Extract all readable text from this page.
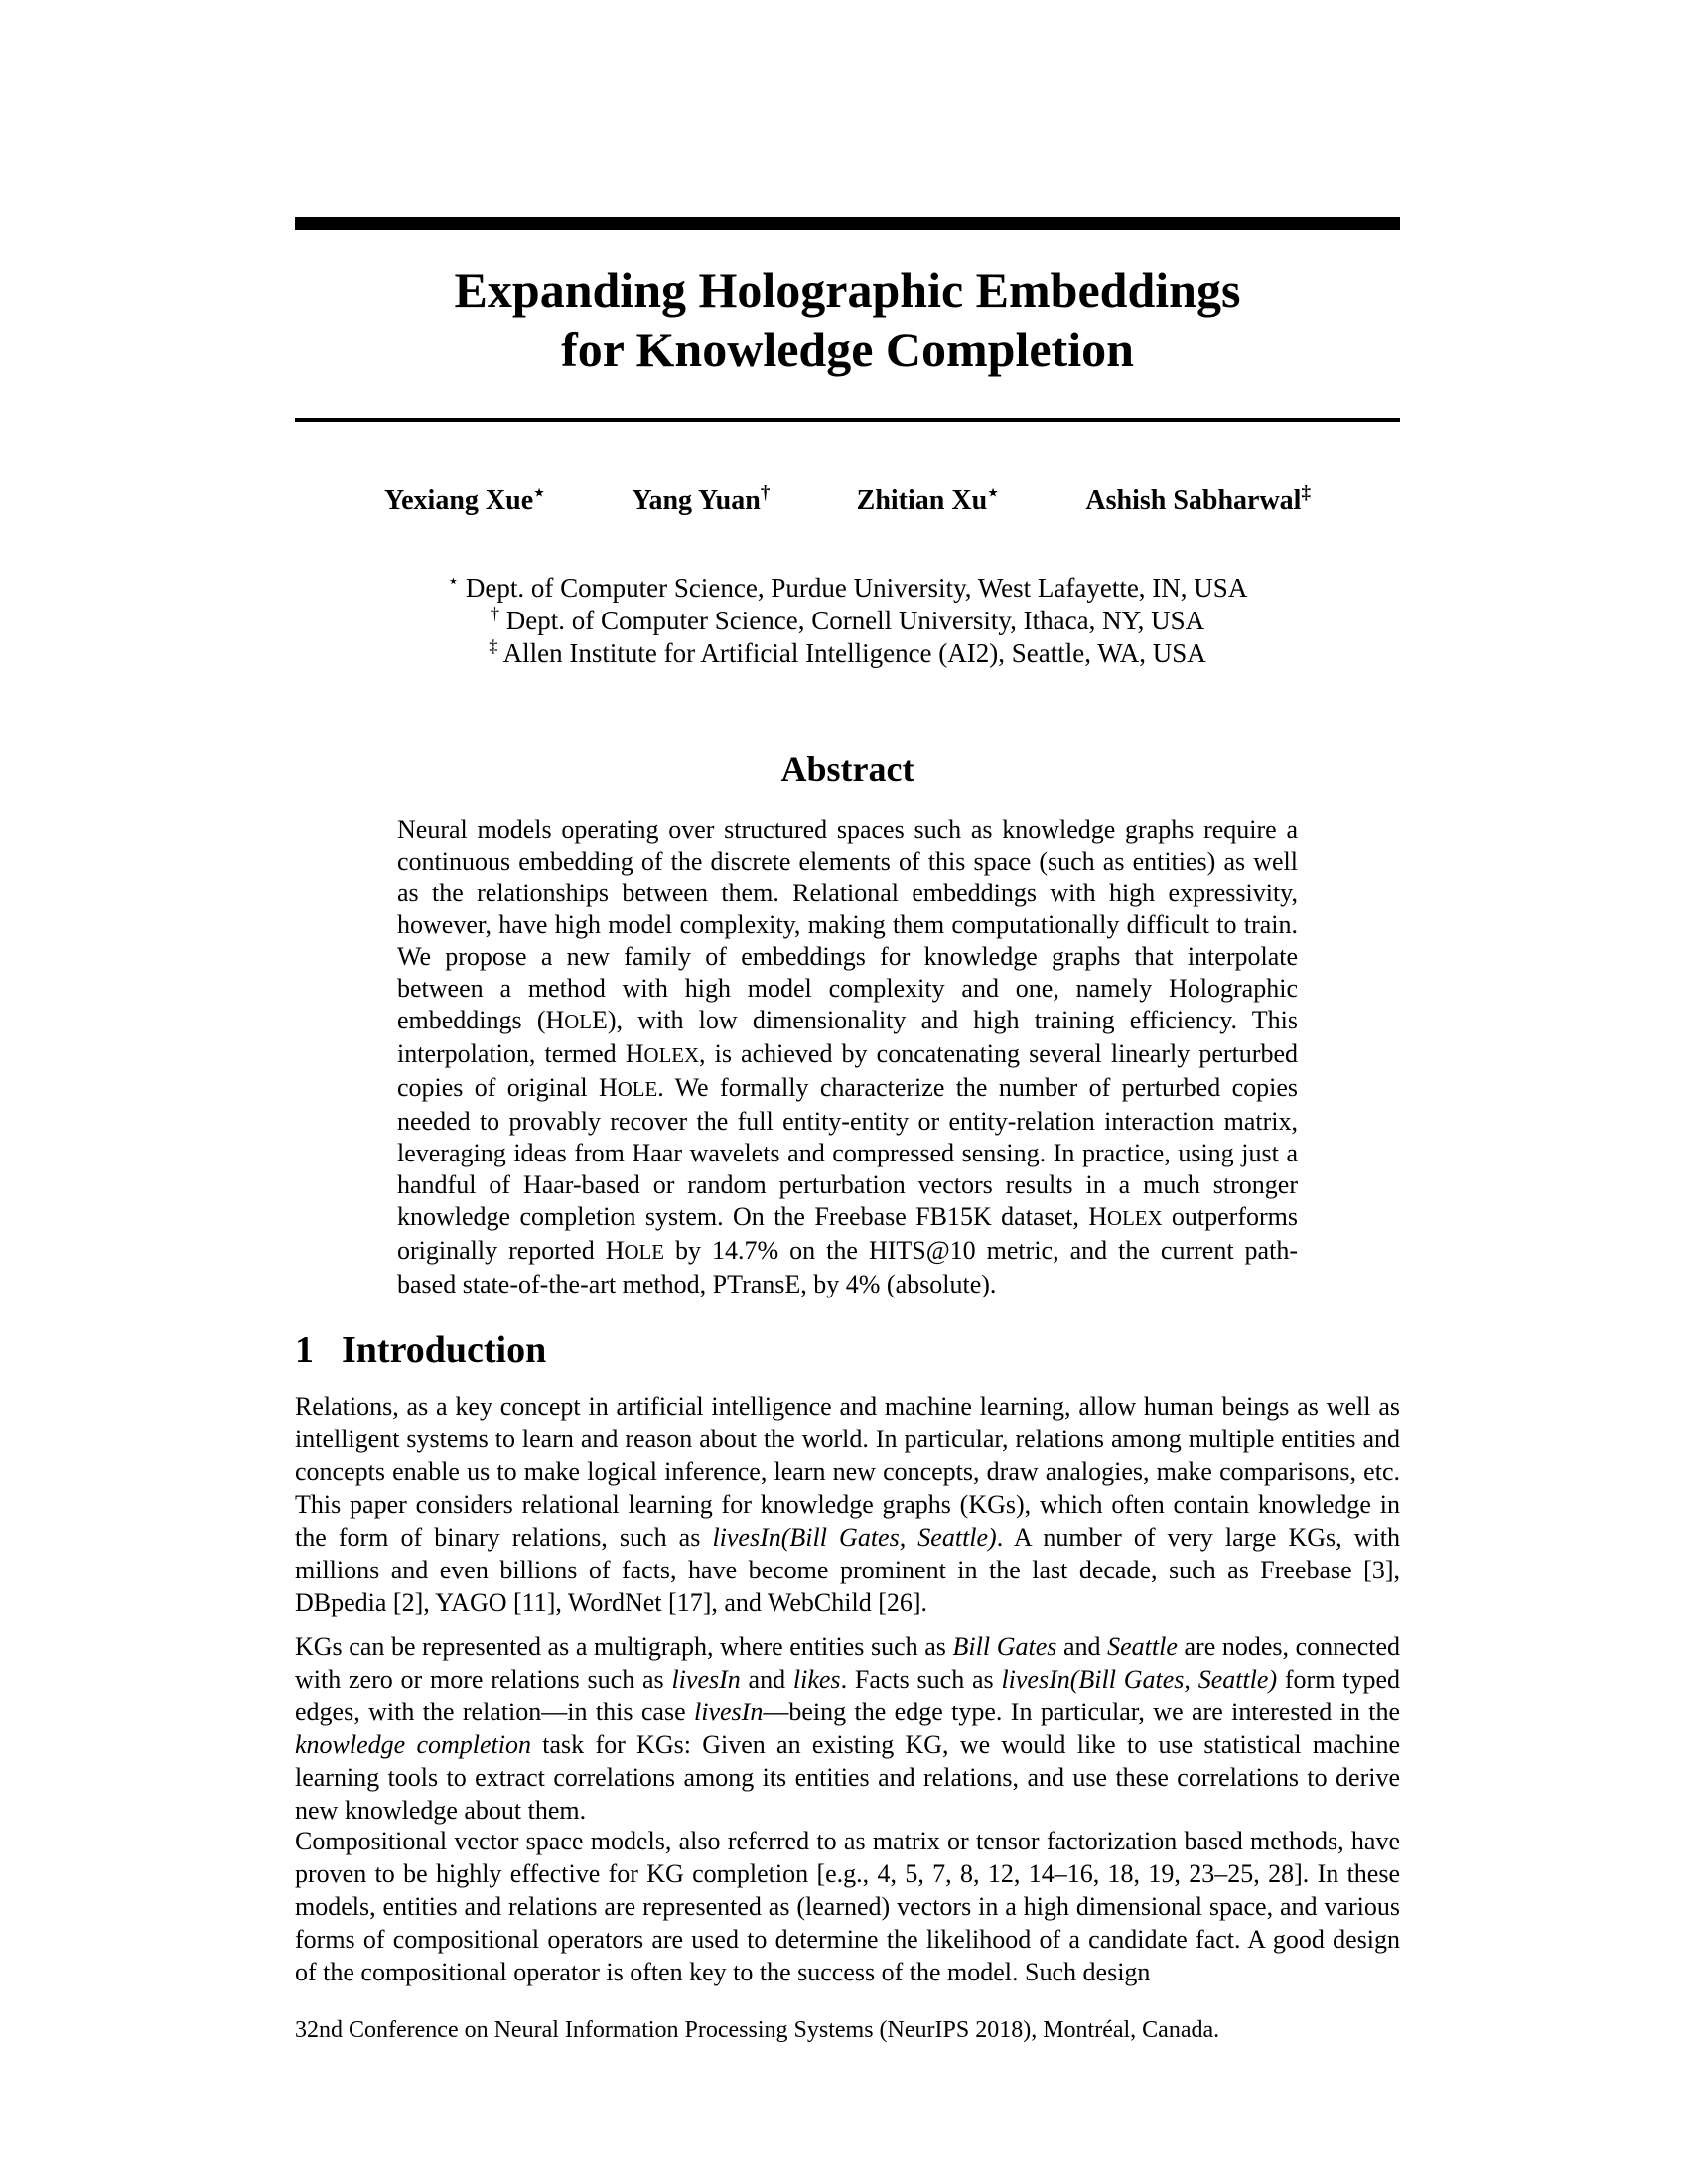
Expanding Holographic Embeddings
for Knowledge Completion
Yexiang Xue⋆	Yang Yuan†	Zhitian Xu⋆	Ashish Sabharwal‡
⋆ Dept. of Computer Science, Purdue University, West Lafayette, IN, USA
† Dept. of Computer Science, Cornell University, Ithaca, NY, USA
‡ Allen Institute for Artificial Intelligence (AI2), Seattle, WA, USA
Abstract

Neural models operating over structured spaces such as knowledge graphs require a continuous embedding of the discrete elements of this space (such as entities) as well as the relationships between them. Relational embeddings with high expressivity, however, have high model complexity, making them computationally difficult to train. We propose a new family of embeddings for knowledge graphs that interpolate between a method with high model complexity and one, namely Holographic embeddings (HOLE), with low dimensionality and high training efficiency. This interpolation, termed HOLEX, is achieved by concatenating several linearly perturbed copies of original HOLE. We formally characterize the number of perturbed copies needed to provably recover the full entity-entity or entity-relation interaction matrix, leveraging ideas from Haar wavelets and compressed sensing. In practice, using just a handful of Haar-based or random perturbation vectors results in a much stronger knowledge completion system. On the Freebase FB15K dataset, HOLEX outperforms originally reported HOLE by 14.7% on the HITS@10 metric, and the current path-based state-of-the-art method, PTransE, by 4% (absolute).

1 Introduction

Relations, as a key concept in artificial intelligence and machine learning, allow human beings as well as intelligent systems to learn and reason about the world. In particular, relations among multiple entities and concepts enable us to make logical inference, learn new concepts, draw analogies, make comparisons, etc. This paper considers relational learning for knowledge graphs (KGs), which often contain knowledge in the form of binary relations, such as livesIn(Bill Gates, Seattle). A number of very large KGs, with millions and even billions of facts, have become prominent in the last decade, such as Freebase [3], DBpedia [2], YAGO [11], WordNet [17], and WebChild [26].

KGs can be represented as a multigraph, where entities such as Bill Gates and Seattle are nodes, connected with zero or more relations such as livesIn and likes. Facts such as livesIn(Bill Gates, Seattle) form typed edges, with the relation—in this case livesIn—being the edge type. In particular, we are interested in the knowledge completion task for KGs: Given an existing KG, we would like to use statistical machine learning tools to extract correlations among its entities and relations, and use these correlations to derive new knowledge about them.

Compositional vector space models, also referred to as matrix or tensor factorization based methods, have proven to be highly effective for KG completion [e.g., 4, 5, 7, 8, 12, 14–16, 18, 19, 23–25, 28]. In these models, entities and relations are represented as (learned) vectors in a high dimensional space, and various forms of compositional operators are used to determine the likelihood of a candidate fact. A good design of the compositional operator is often key to the success of the model. Such design

32nd Conference on Neural Information Processing Systems (NeurIPS 2018), Montréal, Canada.
